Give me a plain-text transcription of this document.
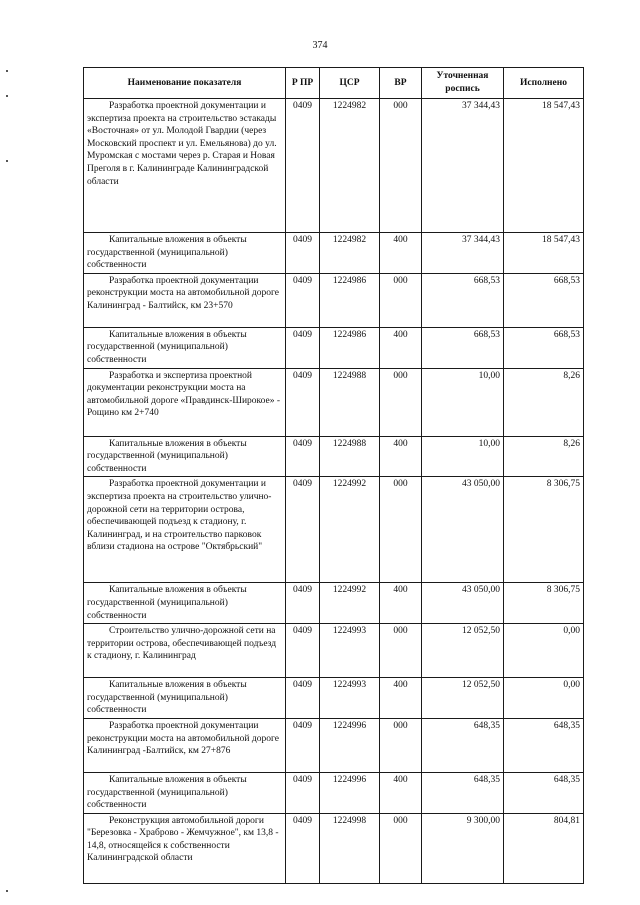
374
Наименование показателя	Р ПР	ЦСР	ВР	Уточненная роспись	Исполнено
Разработка проектной документации и экспертиза проекта на строительство эстакады «Восточная» от ул. Молодой Гвардии (через Московский проспект и ул. Емельянова) до ул. Муромская с мостами через р. Старая и Новая Преголя в г. Калининграде Калининградской области	0409	1224982	000	37 344,43	18 547,43
Капитальные вложения в объекты государственной (муниципальной) собственности	0409	1224982	400	37 344,43	18 547,43
Разработка проектной документации реконструкции моста на автомобильной дороге Калининград - Балтийск, км 23+570	0409	1224986	000	668,53	668,53
Капитальные вложения в объекты государственной (муниципальной) собственности	0409	1224986	400	668,53	668,53
Разработка и экспертиза проектной документации реконструкции моста на автомобильной дороге «Правдинск-Широкое» - Рощино км 2+740	0409	1224988	000	10,00	8,26
Капитальные вложения в объекты государственной (муниципальной) собственности	0409	1224988	400	10,00	8,26
Разработка проектной документации и экспертиза проекта на строительство улично-дорожной сети на территории острова, обеспечивающей подъезд к стадиону, г. Калининград, и на строительство парковок вблизи стадиона на острове "Октябрьский"	0409	1224992	000	43 050,00	8 306,75
Капитальные вложения в объекты государственной (муниципальной) собственности	0409	1224992	400	43 050,00	8 306,75
Строительство улично-дорожной сети на территории острова, обеспечивающей подъезд к стадиону, г. Калининград	0409	1224993	000	12 052,50	0,00
Капитальные вложения в объекты государственной (муниципальной) собственности	0409	1224993	400	12 052,50	0,00
Разработка проектной документации реконструкции моста на автомобильной дороге Калининград -Балтийск, км 27+876	0409	1224996	000	648,35	648,35
Капитальные вложения в объекты государственной (муниципальной) собственности	0409	1224996	400	648,35	648,35
Реконструкция автомобильной дороги "Березовка - Храброво - Жемчужное", км 13,8 - 14,8, относящейся к собственности Калининградской области	0409	1224998	000	9 300,00	804,81
